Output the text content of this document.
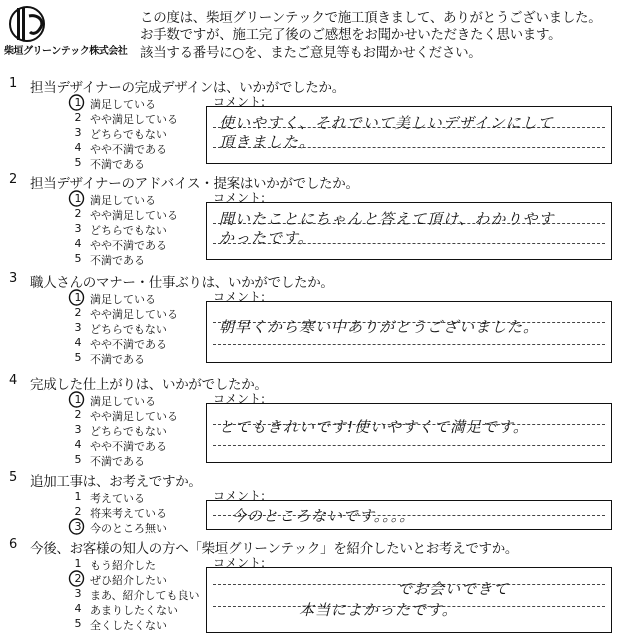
柴垣グリーンテック株式会社
この度は、柴垣グリーンテックで施工頂きまして、ありがとうございました。
お手数ですが、施工完了後のご感想をお聞かせいただきたく思います。
該当する番号に○を、またご意見等もお聞かせください。
1 担当デザイナーの完成デザインは、いかがでしたか。
1 満足している
2 やや満足している
3 どちらでもない
4 やや不満である
5 不満である
コメント:
使いやすく、それでいて美しいデザインにして
頂きました。
2 担当デザイナーのアドバイス・提案はいかがでしたか。
1 満足している
2 やや満足している
3 どちらでもない
4 やや不満である
5 不満である
コメント:
聞いたことにちゃんと答えて頂け、わかりやす
かったです。
3 職人さんのマナー・仕事ぶりは、いかがでしたか。
1 満足している
2 やや満足している
3 どちらでもない
4 やや不満である
5 不満である
コメント:
朝早くから寒い中ありがとうございました。
4 完成した仕上がりは、いかがでしたか。
1 満足している
2 やや満足している
3 どちらでもない
4 やや不満である
5 不満である
コメント:
とてもきれいです!使いやすくて満足です。
5 追加工事は、お考えですか。
1 考えている
2 将来考えている
3 今のところ無い
コメント:
今のところないです。。。。
6 今後、お客様の知人の方へ「柴垣グリーンテック」を紹介したいとお考えですか。
1 もう紹介した
2 ぜひ紹介したい
3 まあ、紹介しても良い
4 あまりしたくない
5 全くしたくない
コメント:
でお会いできて
本当によかったです。
